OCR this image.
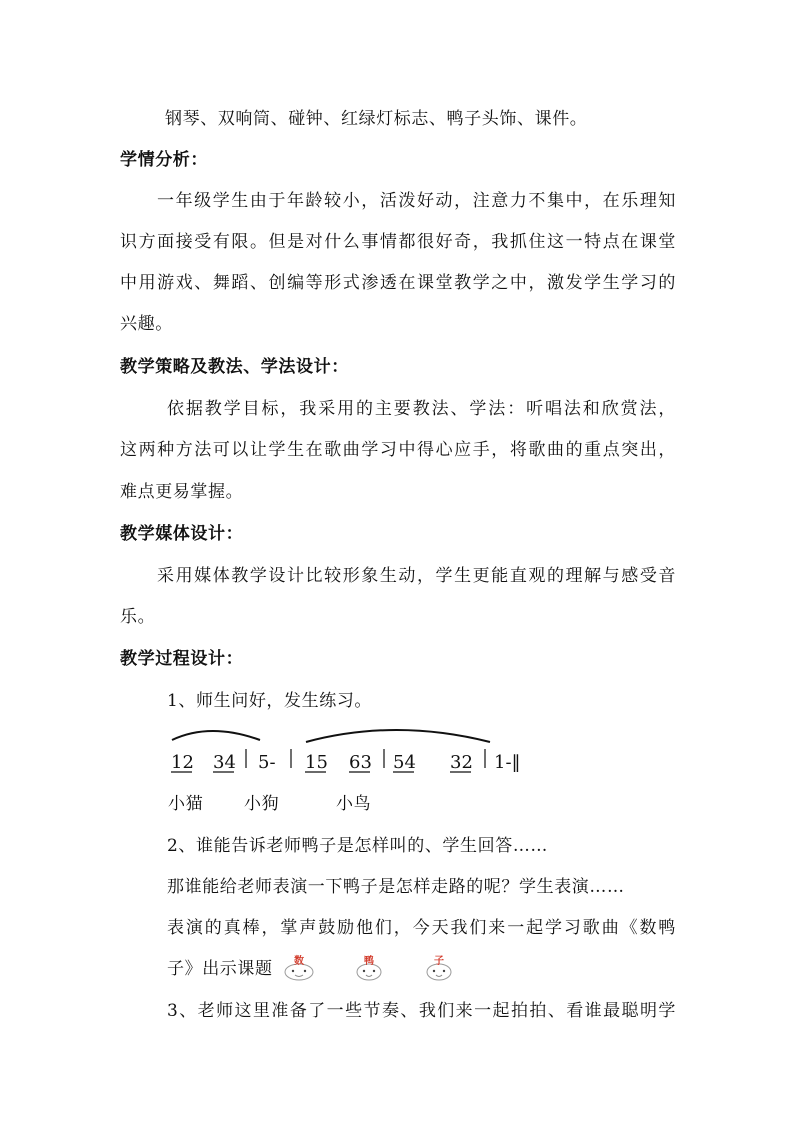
钢琴、双响筒、碰钟、红绿灯标志、鸭子头饰、课件。
学情分析：
一年级学生由于年龄较小，活泼好动，注意力不集中，在乐理知
识方面接受有限。但是对什么事情都很好奇，我抓住这一特点在课堂
中用游戏、舞蹈、创编等形式渗透在课堂教学之中，激发学生学习的
兴趣。
教学策略及教法、学法设计：
依据教学目标，我采用的主要教法、学法：听唱法和欣赏法，
这两种方法可以让学生在歌曲学习中得心应手，将歌曲的重点突出，
难点更易掌握。
教学媒体设计：
采用媒体教学设计比较形象生动，学生更能直观的理解与感受音
乐。
教学过程设计：
1、师生问好，发生练习。
12 34 5- 15 63 54 32 1-‖
小猫 小狗	小鸟
2、谁能告诉老师鸭子是怎样叫的、学生回答……
那谁能给老师表演一下鸭子是怎样走路的呢？学生表演……
表演的真棒，掌声鼓励他们，今天我们来一起学习歌曲《数鸭
子》出示课题 数	鸭	子
3、老师这里准备了一些节奏、我们来一起拍拍、看谁最聪明学
